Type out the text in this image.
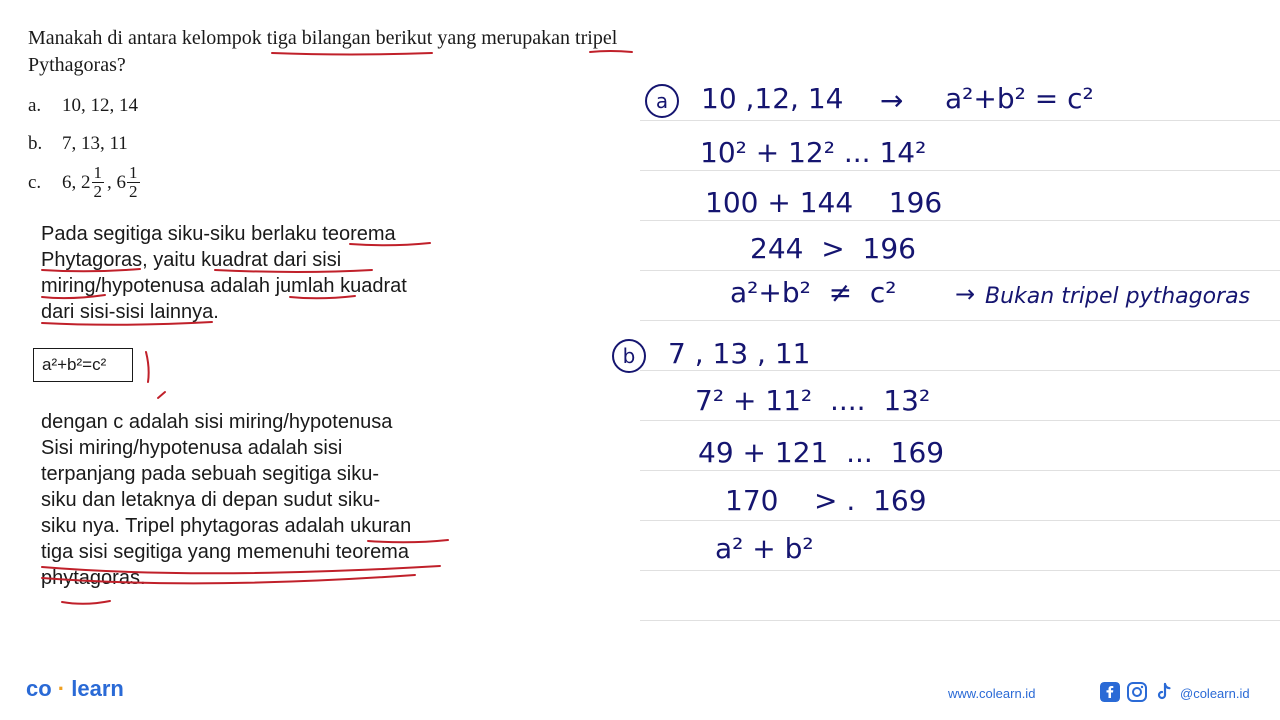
Manakah di antara kelompok tiga bilangan berikut yang merupakan tripel Pythagoras?
a.	10, 12, 14
b.	7, 13, 11
c.	6, $2 \frac{1}{2}$ , $6 \frac{1}{2}$
Pada segitiga siku-siku berlaku teorema
Phytagoras, yaitu kuadrat dari sisi
miring/hypotenusa adalah jumlah kuadrat
dari sisi-sisi lainnya.
a²+b²=c²
dengan c adalah sisi miring/hypotenusa
Sisi miring/hypotenusa adalah sisi
terpanjang pada sebuah segitiga siku-
siku dan letaknya di depan sudut siku-
siku nya. Tripel phytagoras adalah ukuran
tiga sisi segitiga yang memenuhi teorema
phytagoras.
a 10 ,12, 14 → a²+b² = c²
10² + 12² ... 14²
100 + 144    196
244  >  196
a²+b²  ≠  c² → Bukan tripel pythagoras
b 7 , 13 , 11
7² + 11²  ....  13²
49 + 121  ...  169
170    > .  169
a² + b²
co · learn	www.colearn.id	@colearn.id
